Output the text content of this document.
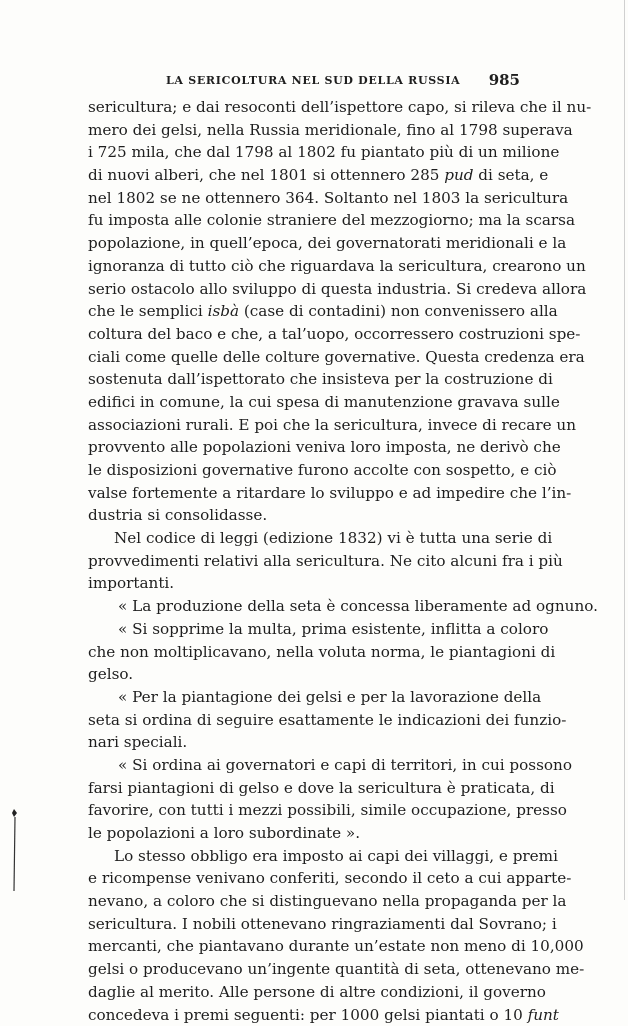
LA SERICOLTURA NEL SUD DELLA RUSSIA 985
sericultura; e dai resoconti dell’ispettore capo, si rileva che il nu-
mero dei gelsi, nella Russia meridionale, fino al 1798 superava
i 725 mila, che dal 1798 al 1802 fu piantato più di un milione
di nuovi alberi, che nel 1801 si ottennero 285 pud di seta, e
nel 1802 se ne ottennero 364. Soltanto nel 1803 la sericultura
fu imposta alle colonie straniere del mezzogiorno; ma la scarsa
popolazione, in quell’epoca, dei governatorati meridionali e la
ignoranza di tutto ciò che riguardava la sericultura, crearono un
serio ostacolo allo sviluppo di questa industria. Si credeva allora
che le semplici isbà (case di contadini) non convenissero alla
coltura del baco e che, a tal’uopo, occorressero costruzioni spe-
ciali come quelle delle colture governative. Questa credenza era
sostenuta dall’ispettorato che insisteva per la costruzione di
edifici in comune, la cui spesa di manutenzione gravava sulle
associazioni rurali. E poi che la sericultura, invece di recare un
provvento alle popolazioni veniva loro imposta, ne derivò che
le disposizioni governative furono accolte con sospetto, e ciò
valse fortemente a ritardare lo sviluppo e ad impedire che l’in-
dustria si consolidasse.
Nel codice di leggi (edizione 1832) vi è tutta una serie di
provvedimenti relativi alla sericultura. Ne cito alcuni fra i più
importanti.
« La produzione della seta è concessa liberamente ad ognuno.
« Si sopprime la multa, prima esistente, inflitta a coloro
che non moltiplicavano, nella voluta norma, le piantagioni di
gelso.
« Per la piantagione dei gelsi e per la lavorazione della
seta si ordina di seguire esattamente le indicazioni dei funzio-
nari speciali.
« Si ordina ai governatori e capi di territori, in cui possono
farsi piantagioni di gelso e dove la sericultura è praticata, di
favorire, con tutti i mezzi possibili, simile occupazione, presso
le popolazioni a loro subordinate ».
Lo stesso obbligo era imposto ai capi dei villaggi, e premi
e ricompense venivano conferiti, secondo il ceto a cui apparte-
nevano, a coloro che si distinguevano nella propaganda per la
sericultura. I nobili ottenevano ringraziamenti dal Sovrano; i
mercanti, che piantavano durante un’estate non meno di 10,000
gelsi o producevano un’ingente quantità di seta, ottenevano me-
daglie al merito. Alle persone di altre condizioni, il governo
concedeva i premi seguenti: per 1000 gelsi piantati o 10 funt
